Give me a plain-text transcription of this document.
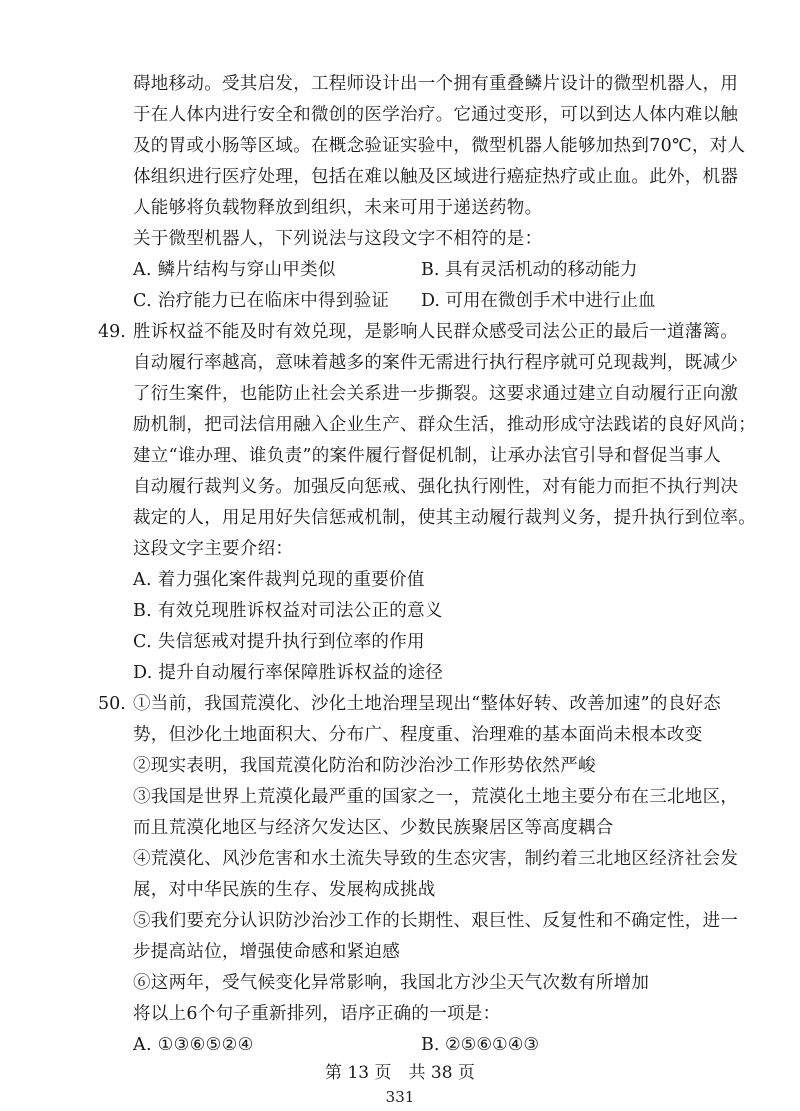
碍地移动。受其启发，工程师设计出一个拥有重叠鳞片设计的微型机器人，用
于在人体内进行安全和微创的医学治疗。它通过变形，可以到达人体内难以触
及的胃或小肠等区域。在概念验证实验中，微型机器人能够加热到70℃，对人
体组织进行医疗处理，包括在难以触及区域进行癌症热疗或止血。此外，机器
人能够将负载物释放到组织，未来可用于递送药物。
关于微型机器人，下列说法与这段文字不相符的是：
A. 鳞片结构与穿山甲类似	B. 具有灵活机动的移动能力
C. 治疗能力已在临床中得到验证 D. 可用在微创手术中进行止血
49. 胜诉权益不能及时有效兑现，是影响人民群众感受司法公正的最后一道藩篱。
自动履行率越高，意味着越多的案件无需进行执行程序就可兑现裁判，既减少
了衍生案件，也能防止社会关系进一步撕裂。这要求通过建立自动履行正向激
励机制，把司法信用融入企业生产、群众生活，推动形成守法践诺的良好风尚；
建立“谁办理、谁负责”的案件履行督促机制，让承办法官引导和督促当事人
自动履行裁判义务。加强反向惩戒、强化执行刚性，对有能力而拒不执行判决
裁定的人，用足用好失信惩戒机制，使其主动履行裁判义务，提升执行到位率。
这段文字主要介绍：
A. 着力强化案件裁判兑现的重要价值
B. 有效兑现胜诉权益对司法公正的意义
C. 失信惩戒对提升执行到位率的作用
D. 提升自动履行率保障胜诉权益的途径
50. ①当前，我国荒漠化、沙化土地治理呈现出“整体好转、改善加速”的良好态
势，但沙化土地面积大、分布广、程度重、治理难的基本面尚未根本改变
②现实表明，我国荒漠化防治和防沙治沙工作形势依然严峻
③我国是世界上荒漠化最严重的国家之一，荒漠化土地主要分布在三北地区，
而且荒漠化地区与经济欠发达区、少数民族聚居区等高度耦合
④荒漠化、风沙危害和水土流失导致的生态灾害，制约着三北地区经济社会发
展，对中华民族的生存、发展构成挑战
⑤我们要充分认识防沙治沙工作的长期性、艰巨性、反复性和不确定性，进一
步提高站位，增强使命感和紧迫感
⑥这两年，受气候变化异常影响，我国北方沙尘天气次数有所增加
将以上6个句子重新排列，语序正确的一项是：
A. ①③⑥⑤②④	B. ②⑤⑥①④③
第 13 页　共 38 页
331
